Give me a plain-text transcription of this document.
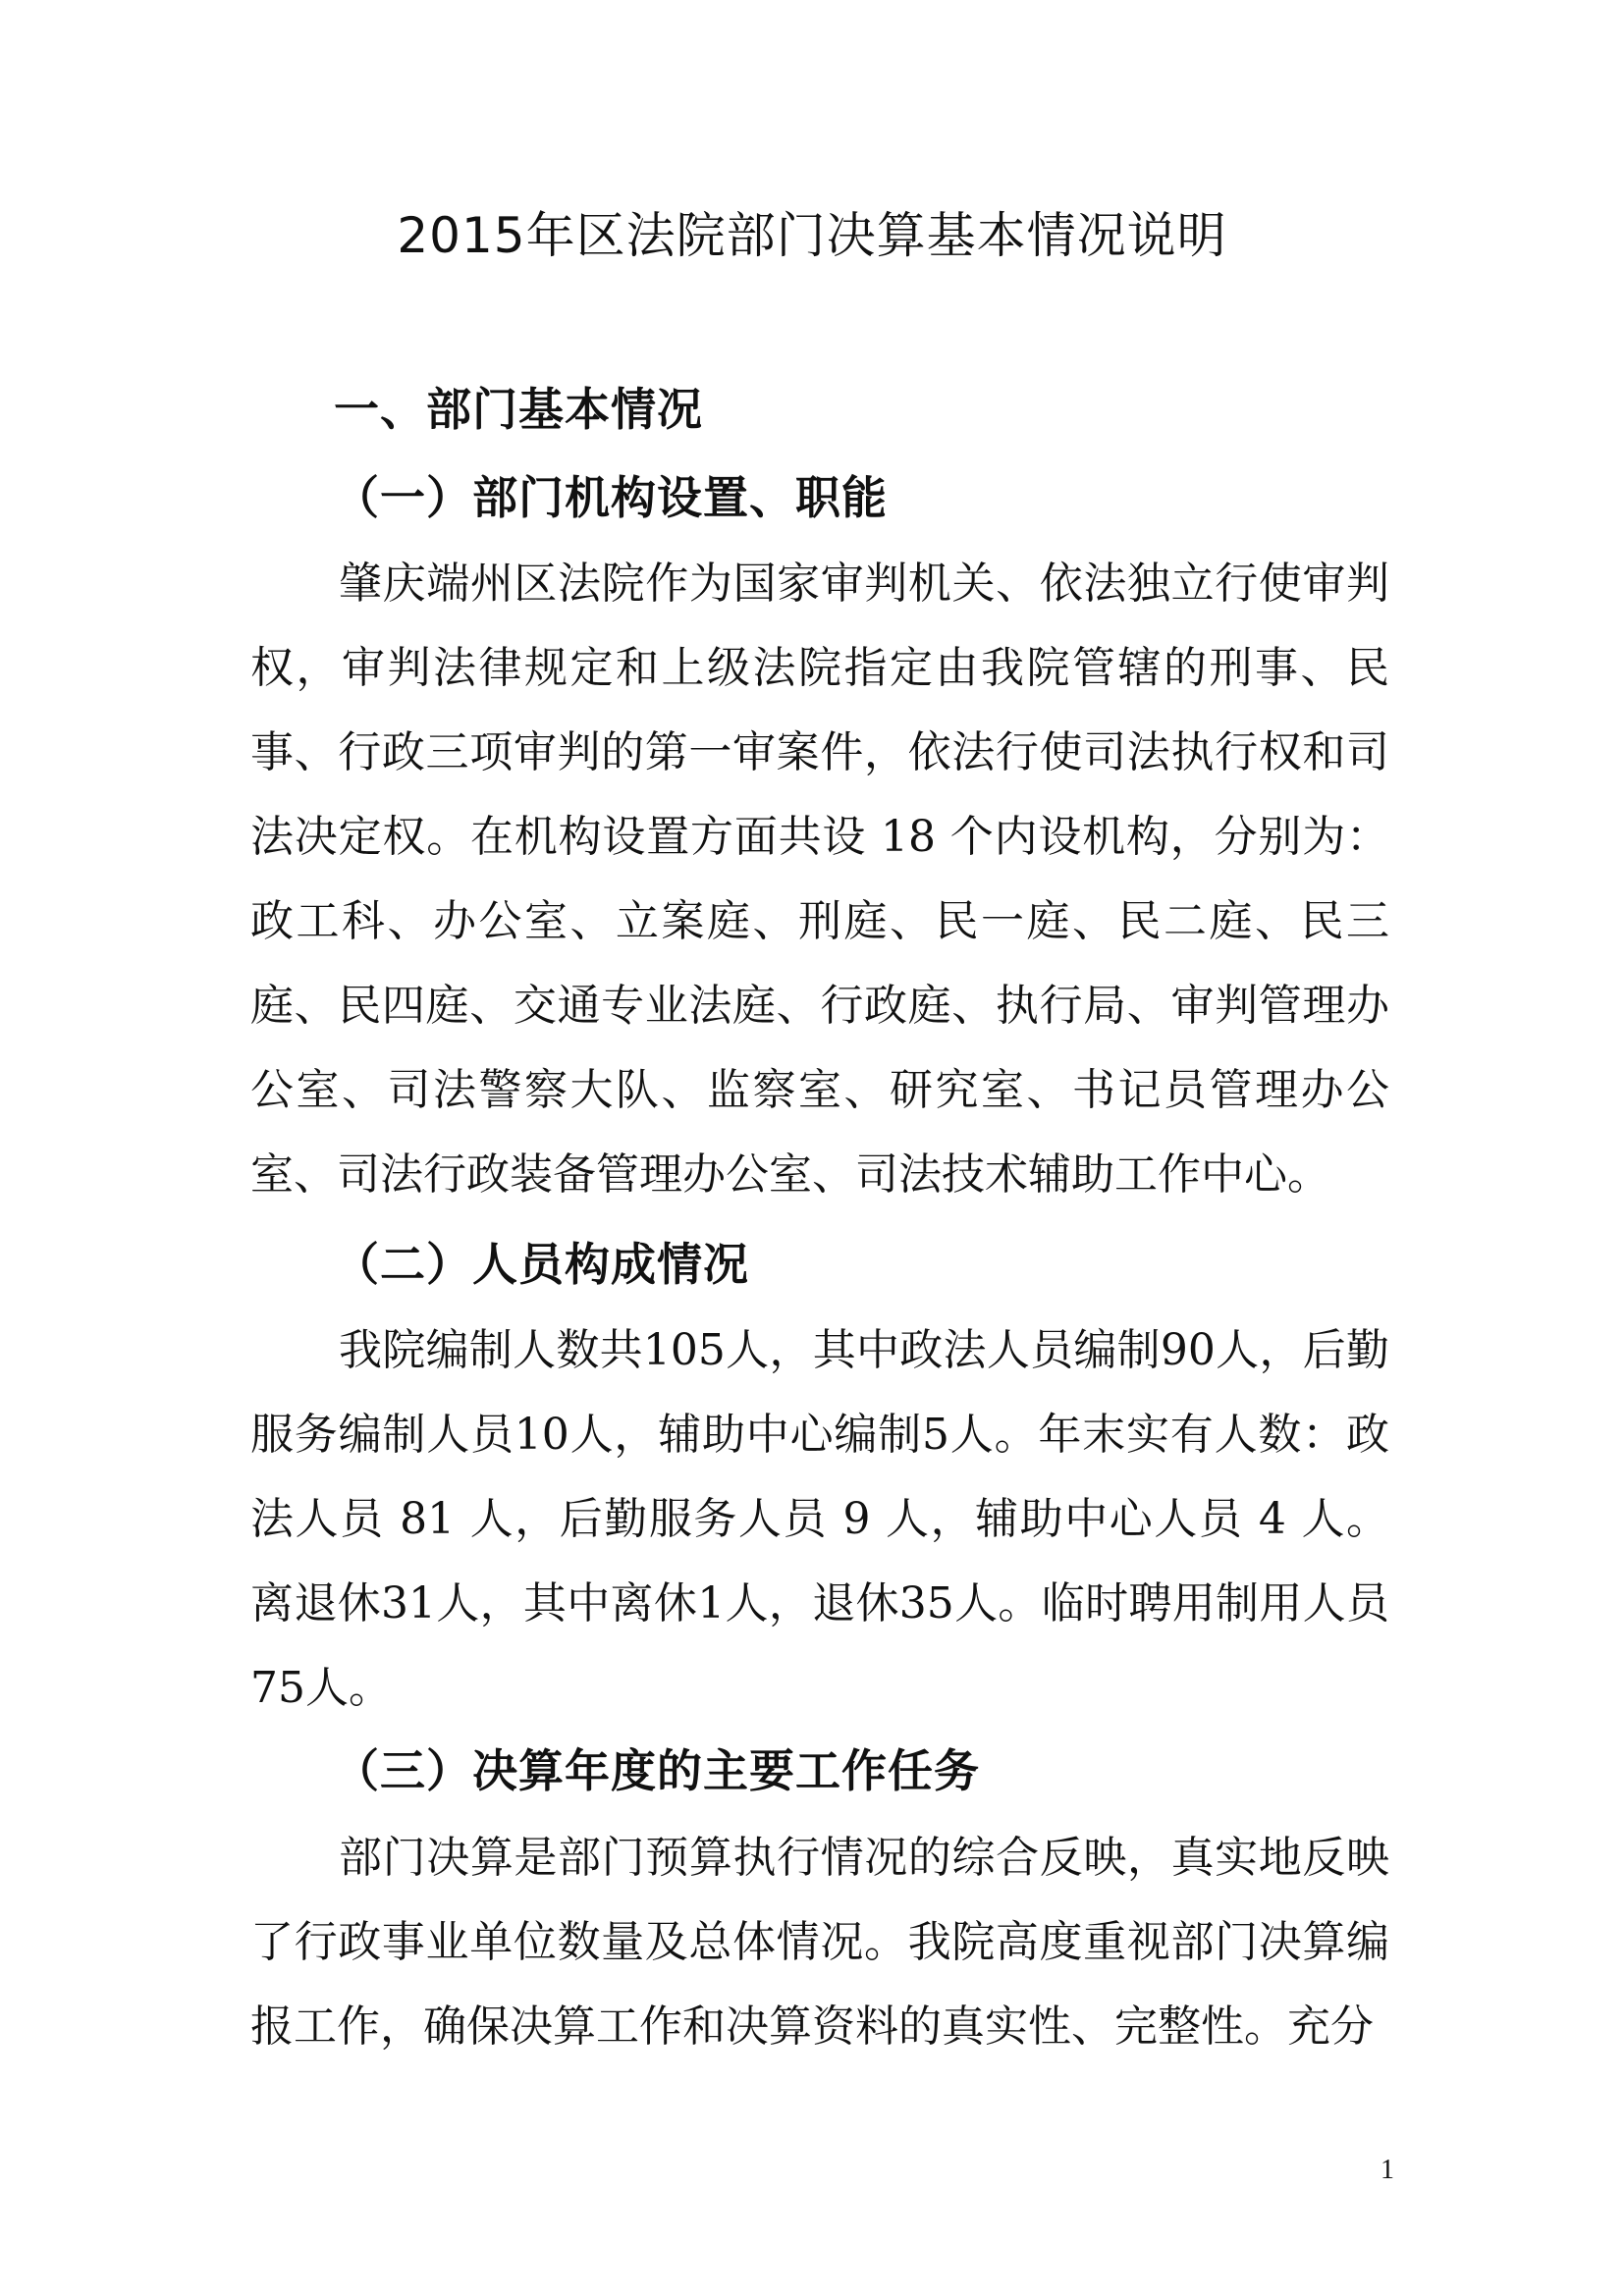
2015年区法院部门决算基本情况说明
一、部门基本情况
（一）部门机构设置、职能

肇庆端州区法院作为国家审判机关、依法独立行使审判权，审判法律规定和上级法院指定由我院管辖的刑事、民事、行政三项审判的第一审案件，依法行使司法执行权和司法决定权。在机构设置方面共设 18 个内设机构，分别为：政工科、办公室、立案庭、刑庭、民一庭、民二庭、民三庭、民四庭、交通专业法庭、行政庭、执行局、审判管理办公室、司法警察大队、监察室、研究室、书记员管理办公室、司法行政装备管理办公室、司法技术辅助工作中心。

（二）人员构成情况

我院编制人数共105人，其中政法人员编制90人，后勤服务编制人员10人，辅助中心编制5人。年末实有人数：政法人员 81 人，后勤服务人员 9 人，辅助中心人员 4 人。离退休31人，其中离休1人，退休35人。临时聘用制用人员75人。

（三）决算年度的主要工作任务

部门决算是部门预算执行情况的综合反映，真实地反映了行政事业单位数量及总体情况。我院高度重视部门决算编报工作，确保决算工作和决算资料的真实性、完整性。充分

1
